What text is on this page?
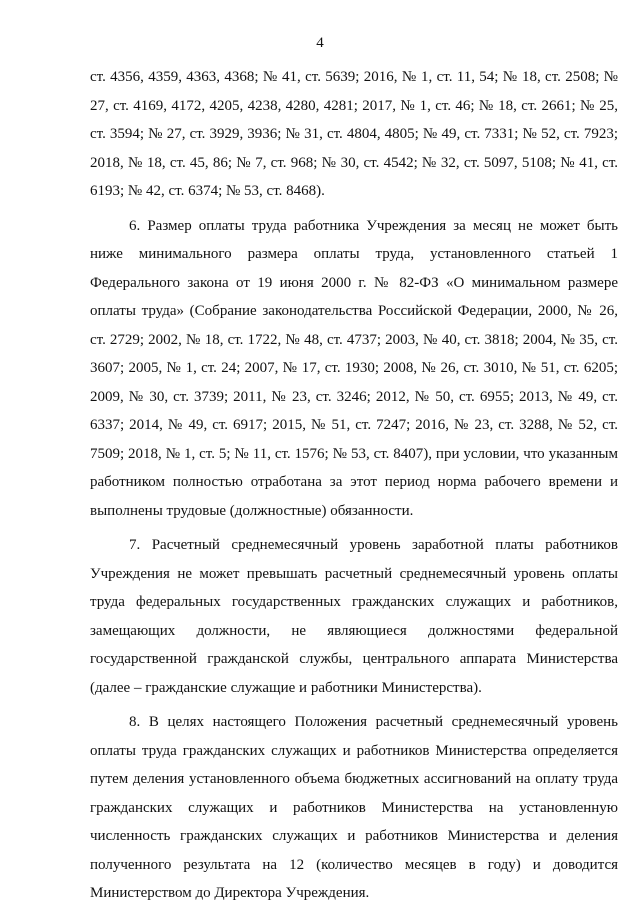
4

ст. 4356, 4359, 4363, 4368; № 41, ст. 5639; 2016, № 1, ст. 11, 54; № 18, ст. 2508; № 27, ст. 4169, 4172, 4205, 4238, 4280, 4281; 2017, № 1, ст. 46; № 18, ст. 2661; № 25, ст. 3594; № 27, ст. 3929, 3936; № 31, ст. 4804, 4805; № 49, ст. 7331; № 52, ст. 7923; 2018, № 18, ст. 45, 86; № 7, ст. 968; № 30, ст. 4542; № 32, ст. 5097, 5108; № 41, ст. 6193; № 42, ст. 6374; № 53, ст. 8468).

6. Размер оплаты труда работника Учреждения за месяц не может быть ниже минимального размера оплаты труда, установленного статьей 1 Федерального закона от 19 июня 2000 г. № 82-ФЗ «О минимальном размере оплаты труда» (Собрание законодательства Российской Федерации, 2000, № 26, ст. 2729; 2002, № 18, ст. 1722, № 48, ст. 4737; 2003, № 40, ст. 3818; 2004, № 35, ст. 3607; 2005, № 1, ст. 24; 2007, № 17, ст. 1930; 2008, № 26, ст. 3010, № 51, ст. 6205; 2009, № 30, ст. 3739; 2011, № 23, ст. 3246; 2012, № 50, ст. 6955; 2013, № 49, ст. 6337; 2014, № 49, ст. 6917; 2015, № 51, ст. 7247; 2016, № 23, ст. 3288, № 52, ст. 7509; 2018, № 1, ст. 5; № 11, ст. 1576; № 53, ст. 8407), при условии, что указанным работником полностью отработана за этот период норма рабочего времени и выполнены трудовые (должностные) обязанности.

7. Расчетный среднемесячный уровень заработной платы работников Учреждения не может превышать расчетный среднемесячный уровень оплаты труда федеральных государственных гражданских служащих и работников, замещающих должности, не являющиеся должностями федеральной государственной гражданской службы, центрального аппарата Министерства (далее – гражданские служащие и работники Министерства).

8. В целях настоящего Положения расчетный среднемесячный уровень оплаты труда гражданских служащих и работников Министерства определяется путем деления установленного объема бюджетных ассигнований на оплату труда гражданских служащих и работников Министерства на установленную численность гражданских служащих и работников Министерства и деления полученного результата на 12 (количество месяцев в году) и доводится Министерством до Директора Учреждения.
